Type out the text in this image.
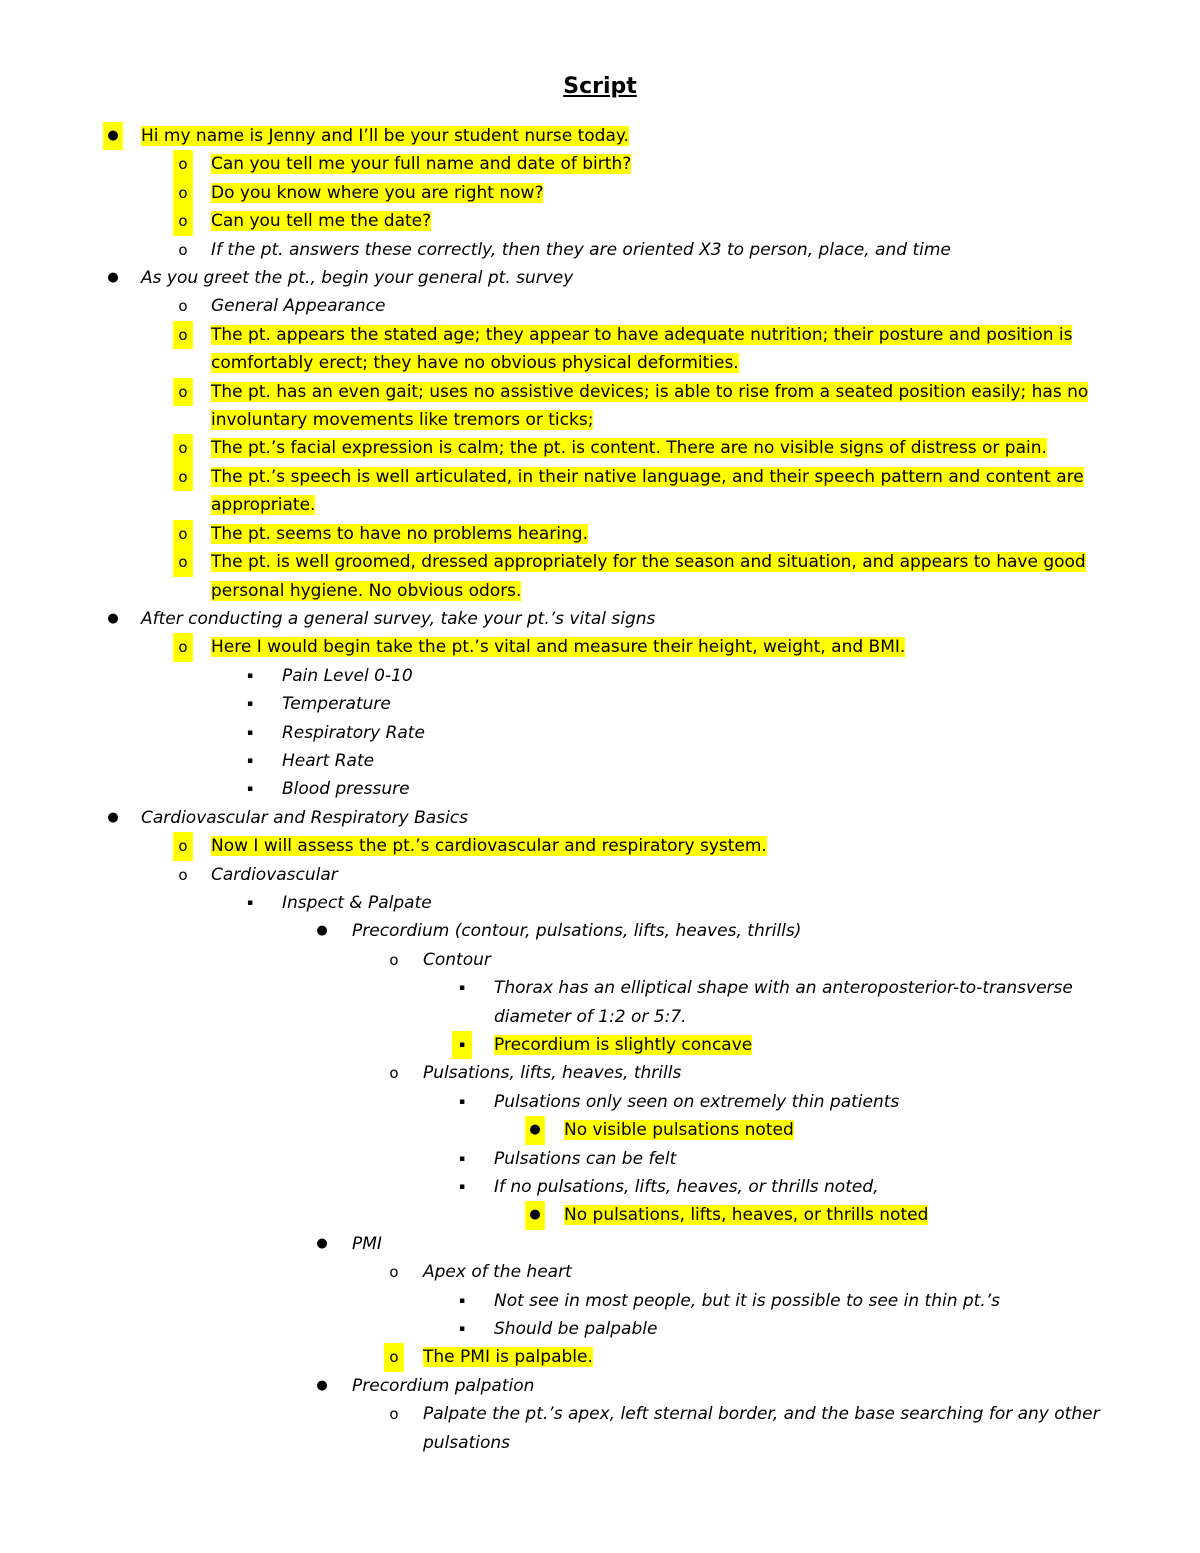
Script
● Hi my name is Jenny and I’ll be your student nurse today.
o	Can you tell me your full name and date of birth?
o	Do you know where you are right now?
o	Can you tell me the date?
o	If the pt. answers these correctly, then they are oriented X3 to person, place, and time
● As you greet the pt., begin your general pt. survey
o	General Appearance
o	The pt. appears the stated age; they appear to have adequate nutrition; their posture and position is comfortably erect; they have no obvious physical deformities.
o	The pt. has an even gait; uses no assistive devices; is able to rise from a seated position easily; has no involuntary movements like tremors or ticks;
o	The pt.’s facial expression is calm; the pt. is content. There are no visible signs of distress or pain.
o	The pt.’s speech is well articulated, in their native language, and their speech pattern and content are appropriate.
o	The pt. seems to have no problems hearing.
o	The pt. is well groomed, dressed appropriately for the season and situation, and appears to have good personal hygiene. No obvious odors.
● After conducting a general survey, take your pt.’s vital signs
o	Here I would begin take the pt.’s vital and measure their height, weight, and BMI.
▪	Pain Level 0-10
▪	Temperature
▪	Respiratory Rate
▪	Heart Rate
▪	Blood pressure
● Cardiovascular and Respiratory Basics
o	Now I will assess the pt.’s cardiovascular and respiratory system.
o	Cardiovascular
▪	Inspect & Palpate
● Precordium (contour, pulsations, lifts, heaves, thrills)
o	Contour
▪	Thorax has an elliptical shape with an anteroposterior-to-transverse diameter of 1:2 or 5:7.
▪	Precordium is slightly concave
o	Pulsations, lifts, heaves, thrills
▪	Pulsations only seen on extremely thin patients
● No visible pulsations noted
▪	Pulsations can be felt
▪	If no pulsations, lifts, heaves, or thrills noted,
● No pulsations, lifts, heaves, or thrills noted
● PMI
o	Apex of the heart
▪	Not see in most people, but it is possible to see in thin pt.’s
▪	Should be palpable
o	The PMI is palpable.
● Precordium palpation
o	Palpate the pt.’s apex, left sternal border, and the base searching for any other pulsations
